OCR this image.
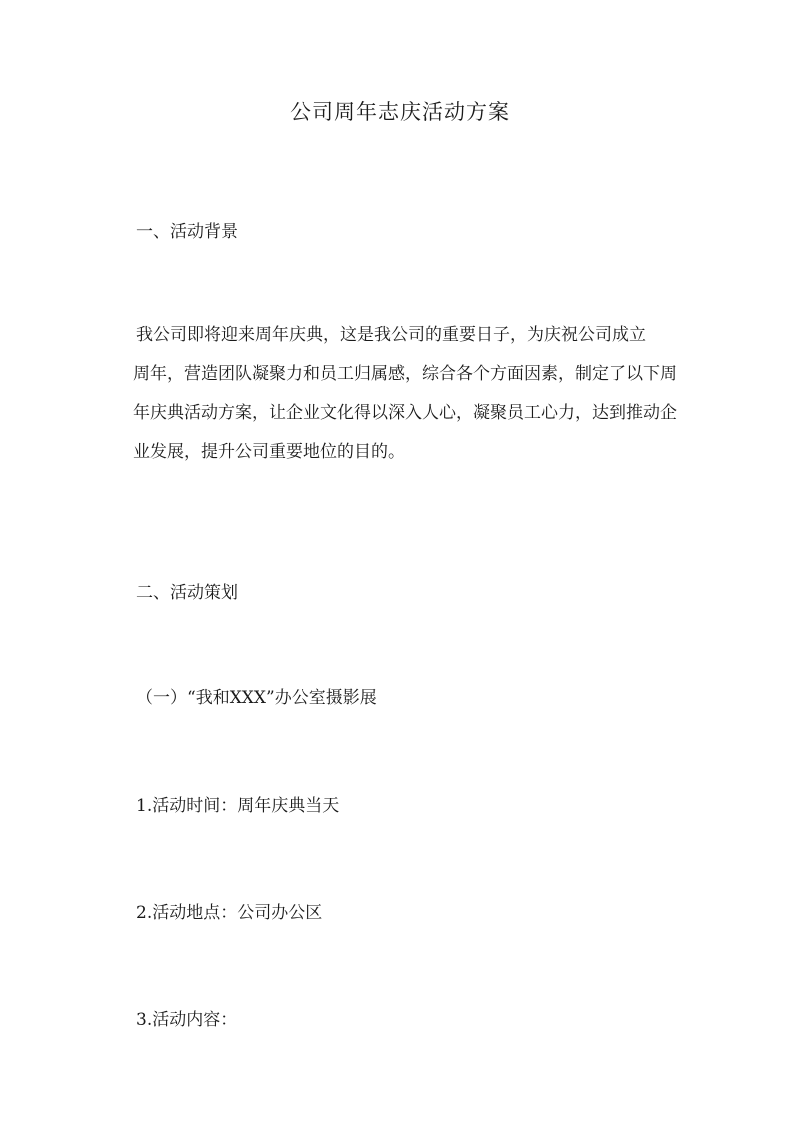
公司周年志庆活动方案
一、活动背景
我公司即将迎来周年庆典，这是我公司的重要日子，为庆祝公司成立
周年，营造团队凝聚力和员工归属感，综合各个方面因素，制定了以下周
年庆典活动方案，让企业文化得以深入人心，凝聚员工心力，达到推动企
业发展，提升公司重要地位的目的。
二、活动策划
（一）“我和XXX”办公室摄影展
1.活动时间：周年庆典当天
2.活动地点：公司办公区
3.活动内容：
